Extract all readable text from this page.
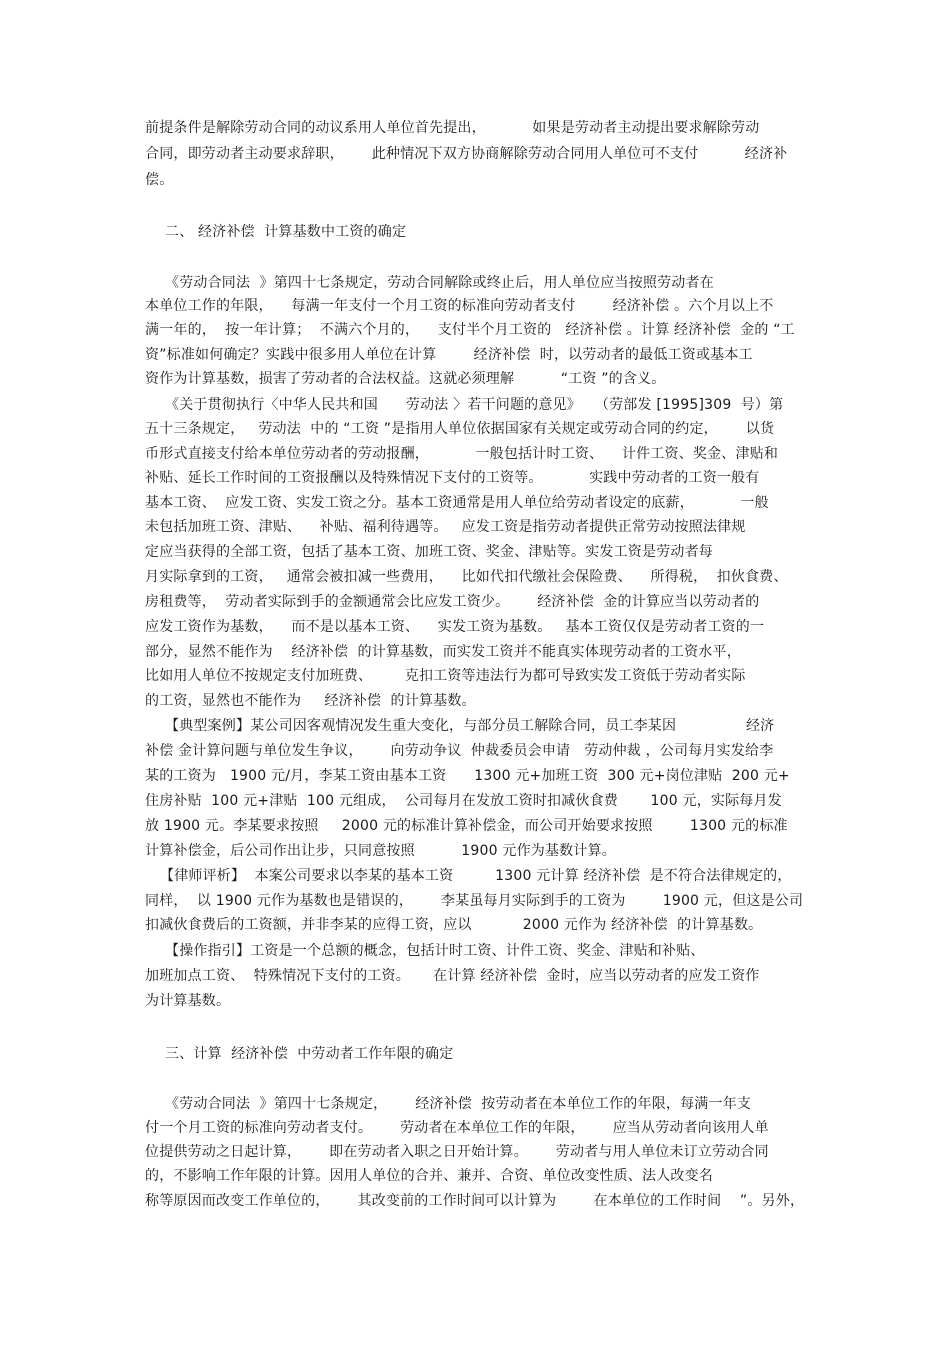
前提条件是解除劳动合同的动议系用人单位首先提出，          如果是劳动者主动提出要求解除劳动
合同，即劳动者主动要求辞职，      此种情况下双方协商解除劳动合同用人单位可不支付          经济补
偿。
二、 经济补偿  计算基数中工资的确定
《劳动合同法  》第四十七条规定，劳动合同解除或终止后，用人单位应当按照劳动者在
本单位工作的年限，    每满一年支付一个月工资的标准向劳动者支付        经济补偿 。六个月以上不
满一年的，  按一年计算；  不满六个月的，    支付半个月工资的   经济补偿 。计算 经济补偿  金的 “工
资”标准如何确定？实践中很多用人单位在计算        经济补偿  时，以劳动者的最低工资或基本工
资作为计算基数，损害了劳动者的合法权益。这就必须理解          “工资 ”的含义。
《关于贯彻执行〈中华人民共和国      劳动法 〉若干问题的意见》   （劳部发 [1995]309  号）第
五十三条规定，   劳动法  中的 “工资 ”是指用人单位依据国家有关规定或劳动合同的约定，      以货
币形式直接支付给本单位劳动者的劳动报酬，          一般包括计时工资、    计件工资、奖金、津贴和
补贴、延长工作时间的工资报酬以及特殊情况下支付的工资等。          实践中劳动者的工资一般有
基本工资、  应发工资、实发工资之分。基本工资通常是用人单位给劳动者设定的底薪，          一般
未包括加班工资、津贴、    补贴、福利待遇等。   应发工资是指劳动者提供正常劳动按照法律规
定应当获得的全部工资，包括了基本工资、加班工资、奖金、津贴等。实发工资是劳动者每
月实际拿到的工资，   通常会被扣减一些费用，    比如代扣代缴社会保险费、    所得税，  扣伙食费、
房租费等，  劳动者实际到手的金额通常会比应发工资少。      经济补偿  金的计算应当以劳动者的
应发工资作为基数，    而不是以基本工资、    实发工资为基数。   基本工资仅仅是劳动者工资的一
部分，显然不能作为    经济补偿  的计算基数，而实发工资并不能真实体现劳动者的工资水平，
比如用人单位不按规定支付加班费、       克扣工资等违法行为都可导致实发工资低于劳动者实际
的工资，显然也不能作为     经济补偿  的计算基数。
【典型案例】某公司因客观情况发生重大变化，与部分员工解除合同，员工李某因               经济
补偿 金计算问题与单位发生争议，      向劳动争议  仲裁委员会申请   劳动仲裁 ，公司每月实发给李
某的工资为   1900 元/月，李某工资由基本工资      1300 元+加班工资  300 元+岗位津贴  200 元+
住房补贴  100 元+津贴  100 元组成，  公司每月在发放工资时扣减伙食费       100 元，实际每月发
放 1900 元。李某要求按照     2000 元的标准计算补偿金，而公司开始要求按照        1300 元的标准
计算补偿金，后公司作出让步，只同意按照          1900 元作为基数计算。
【律师评析】  本案公司要求以李某的基本工资         1300 元计算 经济补偿  是不符合法律规定的，
同样，  以 1900 元作为基数也是错误的，      李某虽每月实际到手的工资为        1900 元，但这是公司
扣减伙食费后的工资额，并非李某的应得工资，应以           2000 元作为 经济补偿  的计算基数。
【操作指引】工资是一个总额的概念，包括计时工资、计件工资、奖金、津贴和补贴、
加班加点工资、  特殊情况下支付的工资。     在计算 经济补偿  金时，应当以劳动者的应发工资作
为计算基数。
三、计算  经济补偿  中劳动者工作年限的确定
《劳动合同法  》第四十七条规定，      经济补偿  按劳动者在本单位工作的年限，每满一年支
付一个月工资的标准向劳动者支付。      劳动者在本单位工作的年限，      应当从劳动者向该用人单
位提供劳动之日起计算，      即在劳动者入职之日开始计算。      劳动者与用人单位未订立劳动合同
的，不影响工作年限的计算。因用人单位的合并、兼并、合资、单位改变性质、法人改变名
称等原因而改变工作单位的，      其改变前的工作时间可以计算为        在本单位的工作时间    ”。另外，
